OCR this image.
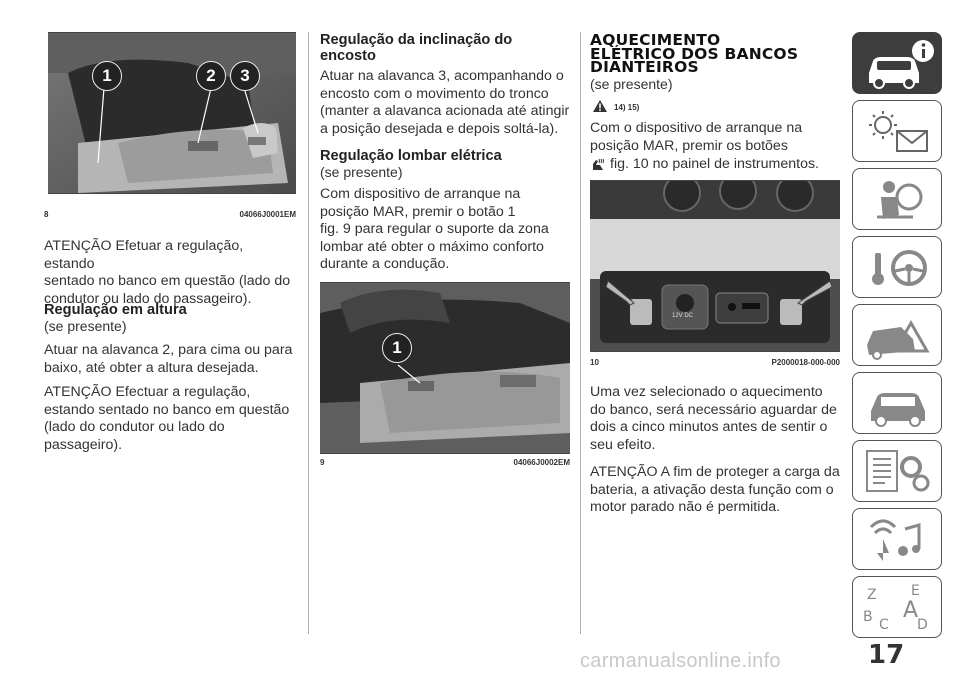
1	2	3
8	04066J0001EM
ATENÇÃO Efetuar a regulação, estando
sentado no banco em questão (lado do
condutor ou lado do passageiro).
Regulação em altura
(se presente)
Atuar na alavanca 2, para cima ou para
baixo, até obter a altura desejada.
ATENÇÃO Efectuar a regulação,
estando sentado no banco em questão
(lado do condutor ou lado do
passageiro).
Regulação da inclinação do
encosto
Atuar na alavanca 3, acompanhando o
encosto com o movimento do tronco
(manter a alavanca acionada até atingir
a posição desejada e depois soltá-la).
Regulação lombar elétrica
(se presente)
Com dispositivo de arranque na
posição MAR, premir o botão 1
fig. 9 para regular o suporte da zona
lombar até obter o máximo conforto
durante a condução.
1
9	04066J0002EM
AQUECIMENTO
ELÉTRICO DOS BANCOS
DIANTEIROS
(se presente)
14) 15)
Com o dispositivo de arranque na
posição MAR, premir os botões
fig. 10 no painel de instrumentos.
12V DC
10	P2000018-000-000
Uma vez selecionado o aquecimento
do banco, será necessário aguardar de
dois a cinco minutos antes de sentir o
seu efeito.
ATENÇÃO A fim de proteger a carga da
bateria, a ativação desta função com o
motor parado não é permitida.
Z E
B A
C D
17
carmanualsonline.info
